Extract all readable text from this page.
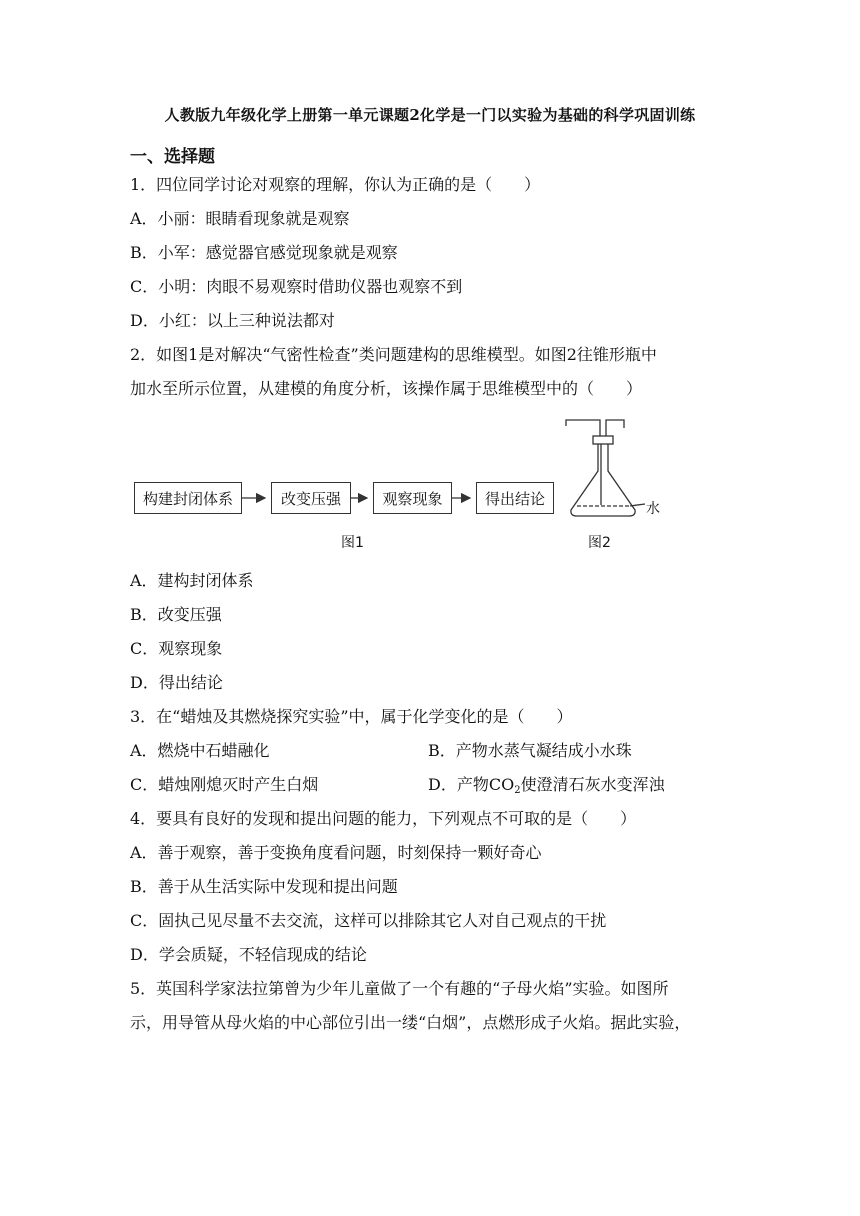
人教版九年级化学上册第一单元课题2化学是一门以实验为基础的科学巩固训练
一、选择题
1．四位同学讨论对观察的理解，你认为正确的是（　　）
A．小丽：眼睛看现象就是观察
B．小军：感觉器官感觉现象就是观察
C．小明：肉眼不易观察时借助仪器也观察不到
D．小红：以上三种说法都对
2．如图1是对解决“气密性检查”类问题建构的思维模型。如图2往锥形瓶中
加水至所示位置，从建模的角度分析，该操作属于思维模型中的（　　）
构建封闭体系	改变压强	观察现象	得出结论
图1	图2
水
A．建构封闭体系
B．改变压强
C．观察现象
D．得出结论
3．在“蜡烛及其燃烧探究实验”中，属于化学变化的是（　　）
A．燃烧中石蜡融化	B．产物水蒸气凝结成小水珠
C．蜡烛刚熄灭时产生白烟	D．产物$CO_2$使澄清石灰水变浑浊
4．要具有良好的发现和提出问题的能力，下列观点不可取的是（　　）
A．善于观察，善于变换角度看问题，时刻保持一颗好奇心
B．善于从生活实际中发现和提出问题
C．固执己见尽量不去交流，这样可以排除其它人对自己观点的干扰
D．学会质疑，不轻信现成的结论
5．英国科学家法拉第曾为少年儿童做了一个有趣的“子母火焰”实验。如图所
示，用导管从母火焰的中心部位引出一缕“白烟”，点燃形成子火焰。据此实验，
